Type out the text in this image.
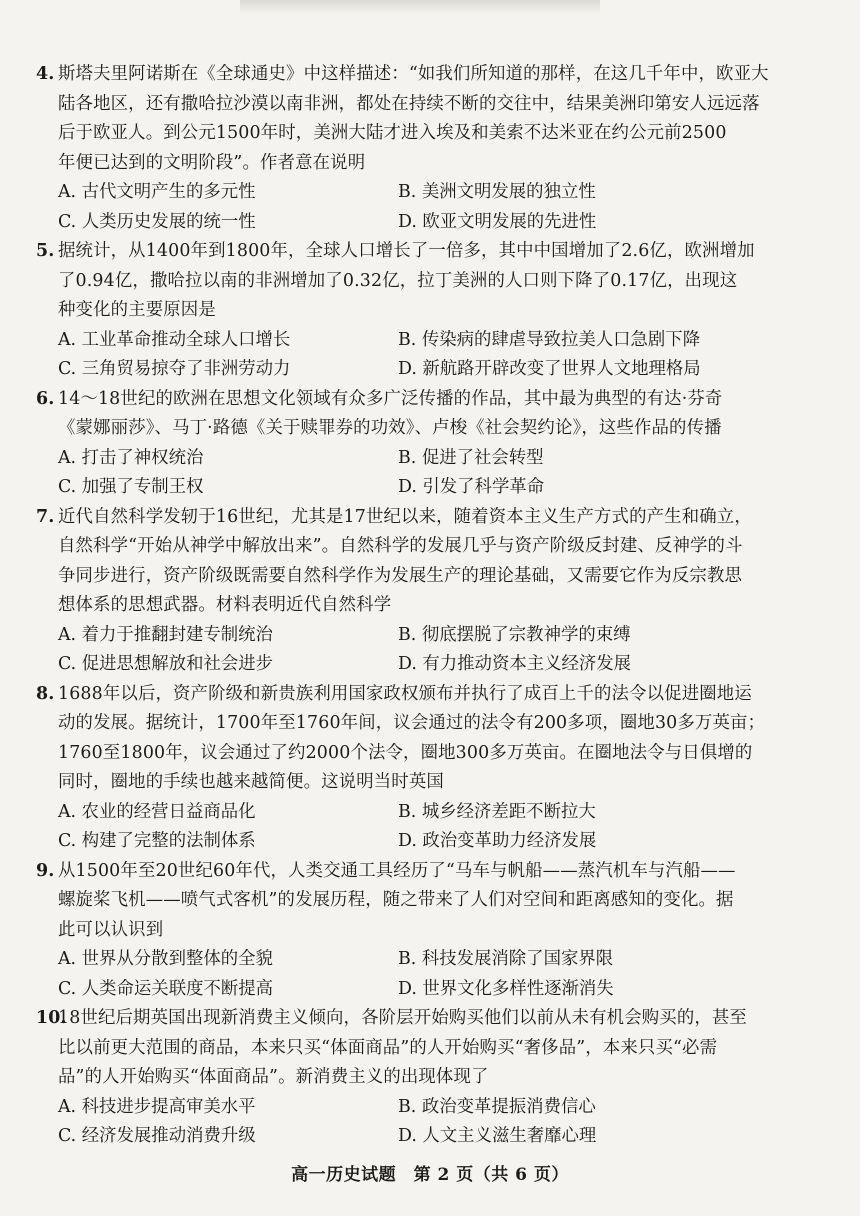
4. 斯塔夫里阿诺斯在《全球通史》中这样描述：“如我们所知道的那样，在这几千年中，欧亚大
陆各地区，还有撒哈拉沙漠以南非洲，都处在持续不断的交往中，结果美洲印第安人远远落
后于欧亚人。到公元1500年时，美洲大陆才进入埃及和美索不达米亚在约公元前2500
年便已达到的文明阶段”。作者意在说明
A. 古代文明产生的多元性	B. 美洲文明发展的独立性
C. 人类历史发展的统一性	D. 欧亚文明发展的先进性
5. 据统计，从1400年到1800年，全球人口增长了一倍多，其中中国增加了2.6亿，欧洲增加
了0.94亿，撒哈拉以南的非洲增加了0.32亿，拉丁美洲的人口则下降了0.17亿，出现这
种变化的主要原因是
A. 工业革命推动全球人口增长	B. 传染病的肆虐导致拉美人口急剧下降
C. 三角贸易掠夺了非洲劳动力	D. 新航路开辟改变了世界人文地理格局
6. 14～18世纪的欧洲在思想文化领域有众多广泛传播的作品，其中最为典型的有达·芬奇
《蒙娜丽莎》、马丁·路德《关于赎罪券的功效》、卢梭《社会契约论》，这些作品的传播
A. 打击了神权统治	B. 促进了社会转型
C. 加强了专制王权	D. 引发了科学革命
7. 近代自然科学发轫于16世纪，尤其是17世纪以来，随着资本主义生产方式的产生和确立，
自然科学“开始从神学中解放出来”。自然科学的发展几乎与资产阶级反封建、反神学的斗
争同步进行，资产阶级既需要自然科学作为发展生产的理论基础，又需要它作为反宗教思
想体系的思想武器。材料表明近代自然科学
A. 着力于推翻封建专制统治	B. 彻底摆脱了宗教神学的束缚
C. 促进思想解放和社会进步	D. 有力推动资本主义经济发展
8. 1688年以后，资产阶级和新贵族利用国家政权颁布并执行了成百上千的法令以促进圈地运
动的发展。据统计，1700年至1760年间，议会通过的法令有200多项，圈地30多万英亩；
1760至1800年，议会通过了约2000个法令，圈地300多万英亩。在圈地法令与日俱增的
同时，圈地的手续也越来越简便。这说明当时英国
A. 农业的经营日益商品化	B. 城乡经济差距不断拉大
C. 构建了完整的法制体系	D. 政治变革助力经济发展
9. 从1500年至20世纪60年代，人类交通工具经历了“马车与帆船——蒸汽机车与汽船——
螺旋桨飞机——喷气式客机”的发展历程，随之带来了人们对空间和距离感知的变化。据
此可以认识到
A. 世界从分散到整体的全貌	B. 科技发展消除了国家界限
C. 人类命运关联度不断提高	D. 世界文化多样性逐渐消失
10.
18世纪后期英国出现新消费主义倾向，各阶层开始购买他们以前从未有机会购买的，甚至
比以前更大范围的商品，本来只买“体面商品”的人开始购买“奢侈品”，本来只买“必需
品”的人开始购买“体面商品”。新消费主义的出现体现了
A. 科技进步提高审美水平	B. 政治变革提振消费信心
C. 经济发展推动消费升级	D. 人文主义滋生奢靡心理
高一历史试题　第 2 页（共 6 页）
